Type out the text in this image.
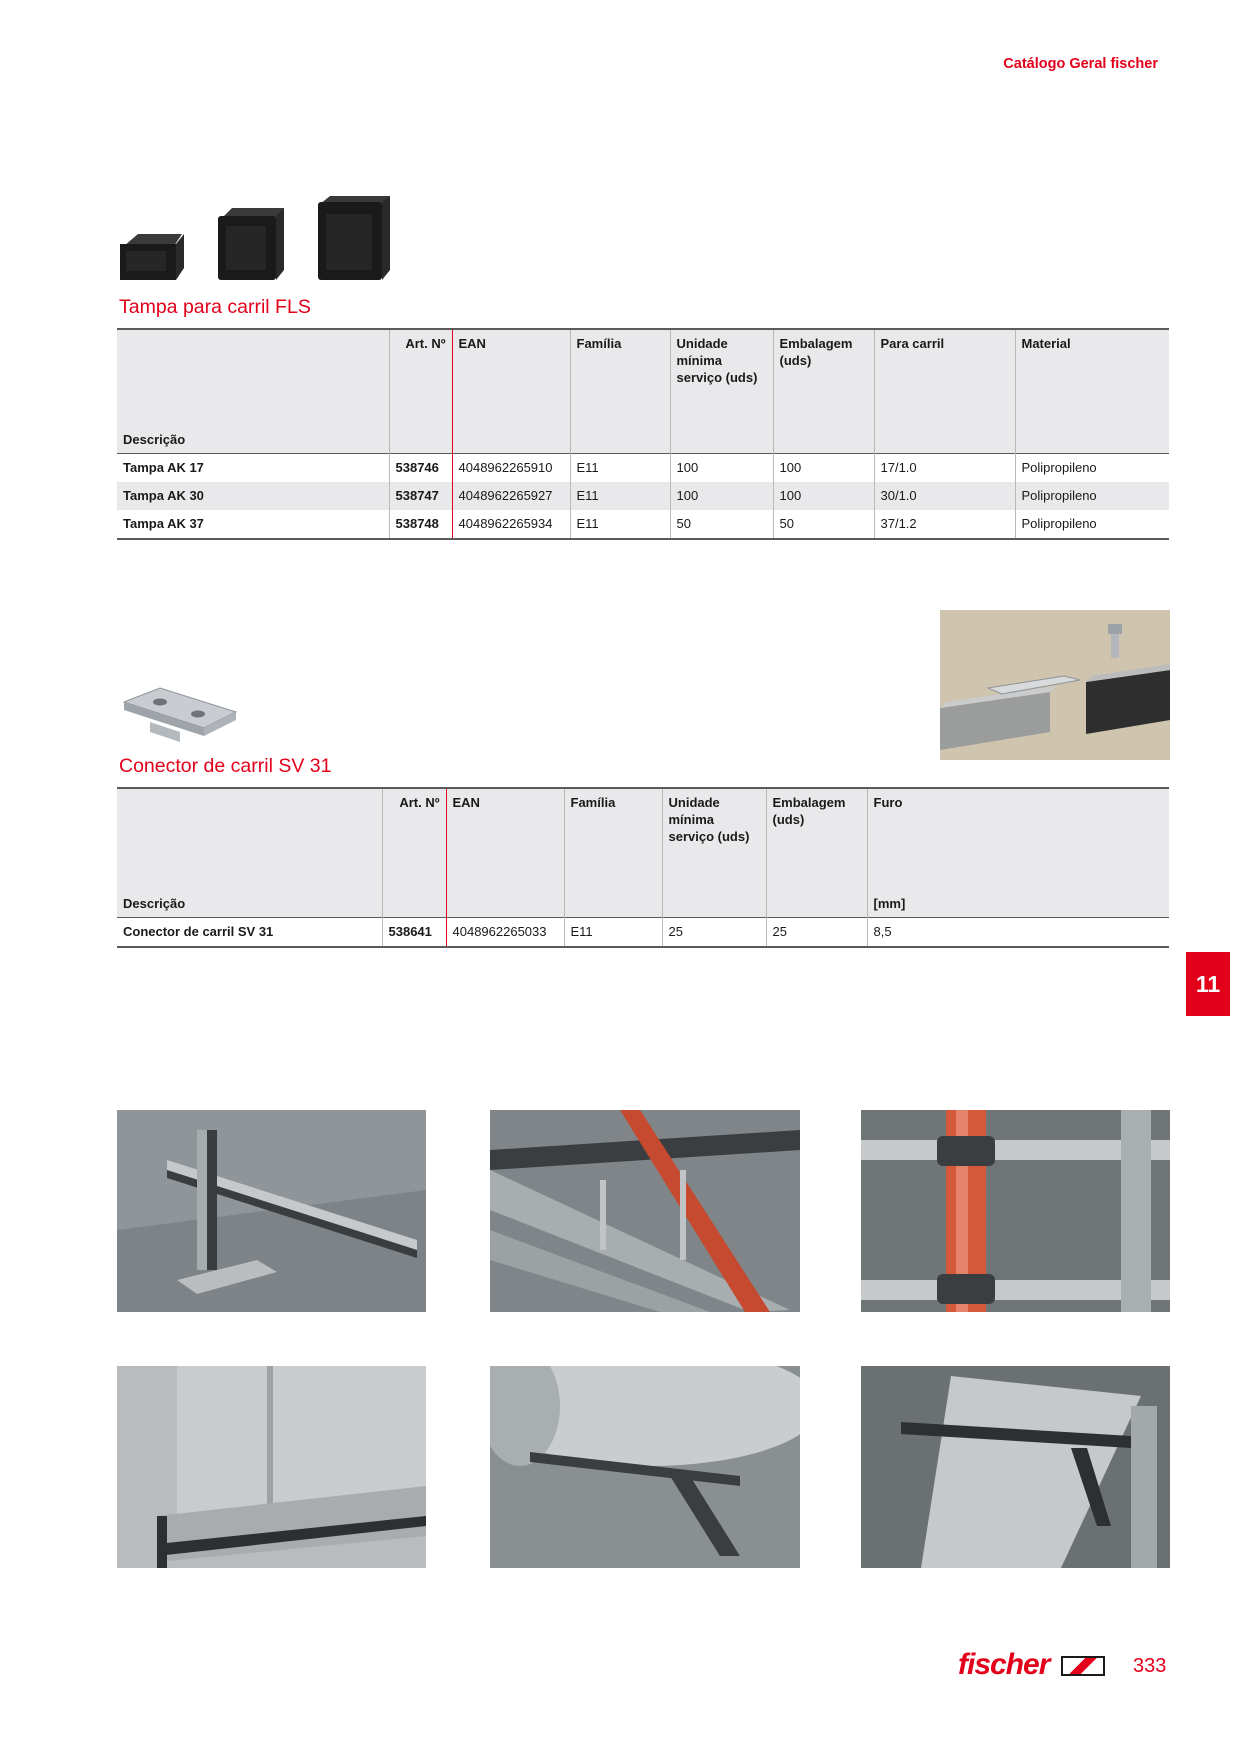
Catálogo Geral fischer
Tampa para carril FLS
Descrição	Art. Nº	EAN	Família	Unidade mínima serviço (uds)	Embalagem (uds)	Para carril	Material
Tampa AK 17	538746	4048962265910	E11	100	100	17/1.0	Polipropileno
Tampa AK 30	538747	4048962265927	E11	100	100	30/1.0	Polipropileno
Tampa AK 37	538748	4048962265934	E11	50	50	37/1.2	Polipropileno
Conector de carril SV 31
Descrição	Art. Nº	EAN	Família	Unidade mínima serviço (uds)	Embalagem (uds)	Furo
[mm]

Conector de carril SV 31	538641	4048962265033	E11	25	25	8,5
11
fischer	333
